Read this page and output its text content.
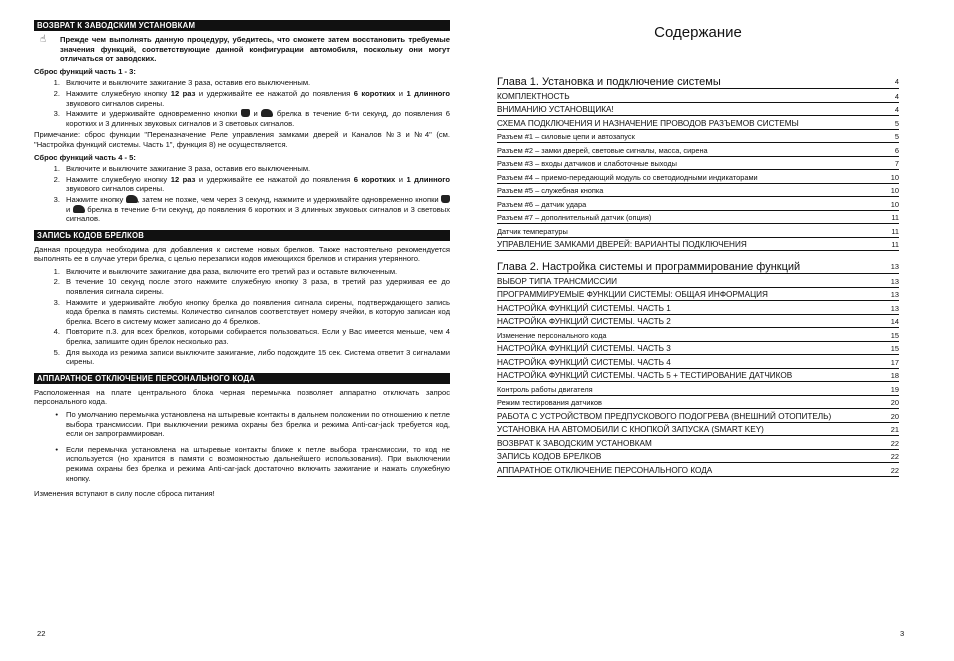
ВОЗВРАТ К ЗАВОДСКИМ УСТАНОВКАМ
☝	Прежде чем выполнять данную процедуру, убедитесь, что сможете затем восстановить требуемые значения функций, соответствующие данной конфигурации автомобиля, поскольку они могут отличаться от заводских.
Сброс функций часть 1 - 3:
1. Включите и выключите зажигание 3 раза, оставив его выключенным.
2. Нажмите служебную кнопку 12 раз и удерживайте ее нажатой до появления 6 коротких и 1 длинного звукового сигналов сирены.
3. Нажмите и удерживайте одновременно кнопки  и  брелка в течение 6-ти секунд, до появления 6 коротких и 3 длинных звуковых сигналов и 3 световых сигналов.

Примечание: сброс функции "Переназначение Реле управления замками дверей и Каналов №3 и №4" (см. "Настройка функций системы. Часть 1", функция 8) не осуществляется.

Сброс функций часть 4 - 5:
1. Включите и выключите зажигание 3 раза, оставив его выключенным.
2. Нажмите служебную кнопку 12 раз и удерживайте ее нажатой до появления 6 коротких и 1 длинного звукового сигналов сирены.
3. Нажмите кнопку , затем не позже, чем через 3 секунд, нажмите и удерживайте одновременно кнопки  и  брелка в течение 6-ти секунд, до появления 6 коротких и 3 длинных звуковых сигналов и 3 световых сигналов.
ЗАПИСЬ КОДОВ БРЕЛКОВ

Данная процедура необходима для добавления к системе новых брелков. Также настоятельно рекомендуется выполнять ее в случае утери брелка, с целью перезаписи кодов имеющихся брелков и стирания утерянного.

1. Включите и выключите зажигание два раза, включите его третий раз и оставьте включенным.
2. В течение 10 секунд после этого нажмите служебную кнопку 3 раза, в третий раз удерживая ее до появления сигнала сирены.
3. Нажмите и удерживайте любую кнопку брелка до появления сигнала сирены, подтверждающего запись кода брелка в память системы. Количество сигналов соответствует номеру ячейки, в которую записан код брелка. Всего в систему может записано до 4 брелков.
4. Повторите п.3. для всех брелков, которыми собирается пользоваться. Если у Вас имеется меньше, чем 4 брелка, запишите один брелок несколько раз.
5. Для выхода из режима записи выключите зажигание, либо подождите 15 сек. Система ответит 3 сигналами сирены.
АППАРАТНОЕ ОТКЛЮЧЕНИЕ ПЕРСОНАЛЬНОГО КОДА

Расположенная на плате центрального блока черная перемычка позволяет аппаратно отключать запрос персонального кода.

•	По умолчанию перемычка установлена на штыревые контакты в дальнем положении по отношению к петле выбора трансмиссии. При выключении режима охраны без брелка и режима Anti-car-jack требуется код, если он запрограммирован.
•	Если перемычка установлена на штыревые контакты ближе к петле выбора трансмиссии, то код не используется (но хранится в памяти с возможностью дальнейшего использования). При выключении режима охраны без брелка и режима Anti-car-jack достаточно включить зажигание и нажать служебную кнопку.

Изменения вступают в силу после сброса питания!

22
Содержание
Глава 1. Установка и подключение системы	4
КОМПЛЕКТНОСТЬ	4
ВНИМАНИЮ УСТАНОВЩИКА!	4
СХЕМА ПОДКЛЮЧЕНИЯ И НАЗНАЧЕНИЕ ПРОВОДОВ РАЗЪЕМОВ СИСТЕМЫ	5
Разъем #1 – силовые цепи и автозапуск	5
Разъем #2 – замки дверей, световые сигналы, масса, сирена	6
Разъем #3 – входы датчиков и слаботочные выходы	7
Разъем #4 – приемо-передающий модуль со светодиодными индикаторами	10
Разъем #5 – служебная кнопка	10
Разъем #6 – датчик удара	10
Разъем #7 – дополнительный датчик (опция)	11
Датчик температуры	11
УПРАВЛЕНИЕ ЗАМКАМИ ДВЕРЕЙ: ВАРИАНТЫ ПОДКЛЮЧЕНИЯ	11
Глава 2. Настройка системы и программирование функций	13
ВЫБОР ТИПА ТРАНСМИССИИ	13
ПРОГРАММИРУЕМЫЕ ФУНКЦИИ СИСТЕМЫ: ОБЩАЯ ИНФОРМАЦИЯ	13
НАСТРОЙКА ФУНКЦИЙ СИСТЕМЫ. ЧАСТЬ 1	13
НАСТРОЙКА ФУНКЦИЙ СИСТЕМЫ. ЧАСТЬ 2	14
Изменение персонального кода	15
НАСТРОЙКА ФУНКЦИЙ СИСТЕМЫ. ЧАСТЬ 3	15
НАСТРОЙКА ФУНКЦИЙ СИСТЕМЫ. ЧАСТЬ 4	17
НАСТРОЙКА ФУНКЦИЙ СИСТЕМЫ. ЧАСТЬ 5 + ТЕСТИРОВАНИЕ ДАТЧИКОВ	18
Контроль работы двигателя	19
Режим тестирования датчиков	20
РАБОТА С УСТРОЙСТВОМ ПРЕДПУСКОВОГО ПОДОГРЕВА (ВНЕШНИЙ ОТОПИТЕЛЬ)	20
УСТАНОВКА НА АВТОМОБИЛИ С КНОПКОЙ ЗАПУСКА (SMART KEY)	21
ВОЗВРАТ К ЗАВОДСКИМ УСТАНОВКАМ	22
ЗАПИСЬ КОДОВ БРЕЛКОВ	22
АППАРАТНОЕ ОТКЛЮЧЕНИЕ ПЕРСОНАЛЬНОГО КОДА	22
3
